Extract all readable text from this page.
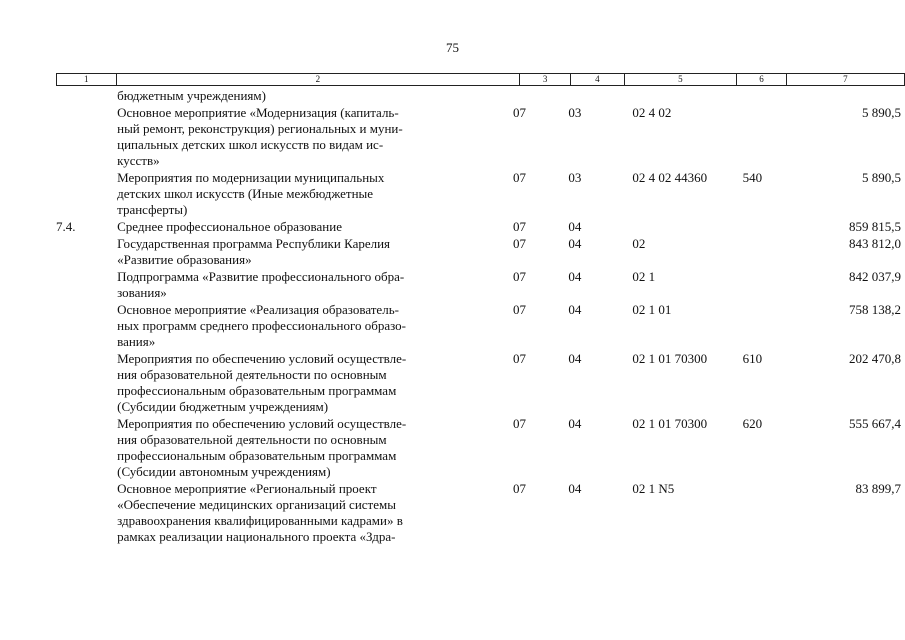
75
1	2	3	4	5	6	7
	бюджетным учреждениям)					
	Основное мероприятие «Модернизация (капиталь-
ный ремонт, реконструкция) региональных и муни-
ципальных детских школ искусств по видам ис-
кусств»	07	03	02 4 02		5 890,5
	Мероприятия по модернизации муниципальных
детских школ искусств (Иные межбюджетные
трансферты)	07	03	02 4 02 44360	540	5 890,5
7.4.	Среднее профессиональное образование	07	04			859 815,5
	Государственная программа Республики Карелия
«Развитие образования»	07	04	02		843 812,0
	Подпрограмма «Развитие профессионального обра-
зования»	07	04	02 1		842 037,9
	Основное мероприятие «Реализация образователь-
ных программ среднего профессионального образо-
вания»	07	04	02 1 01		758 138,2
	Мероприятия по обеспечению условий осуществле-
ния образовательной деятельности по основным
профессиональным образовательным программам
(Субсидии бюджетным учреждениям)	07	04	02 1 01 70300	610	202 470,8
	Мероприятия по обеспечению условий осуществле-
ния образовательной деятельности по основным
профессиональным образовательным программам
(Субсидии автономным учреждениям)	07	04	02 1 01 70300	620	555 667,4
	Основное мероприятие «Региональный проект
«Обеспечение медицинских организаций системы
здравоохранения квалифицированными кадрами» в
рамках реализации национального проекта «Здра-	07	04	02 1 N5		83 899,7
